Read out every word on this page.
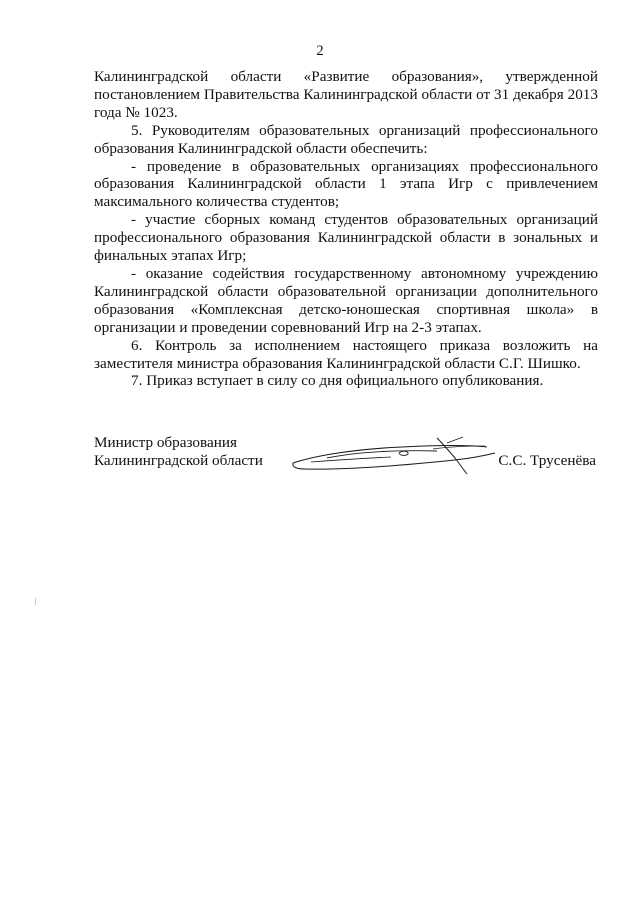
2

Калининградской области «Развитие образования», утвержденной постановлением Правительства Калининградской области от 31 декабря 2013 года № 1023.

5. Руководителям образовательных организаций профессионального образования Калининградской области обеспечить:

- проведение в образовательных организациях профессионального образования Калининградской области 1 этапа Игр с привлечением максимального количества студентов;

- участие сборных команд студентов образовательных организаций профессионального образования Калининградской области в зональных и финальных этапах Игр;

- оказание содействия государственному автономному учреждению Калининградской области образовательной организации дополнительного образования «Комплексная детско-юношеская спортивная школа» в организации и проведении соревнований Игр на 2-3 этапах.

6. Контроль за исполнением настоящего приказа возложить на заместителя министра образования Калининградской области С.Г. Шишко.

7. Приказ вступает в силу со дня официального опубликования.

Министр образования
Калининградской области	С.С. Трусенёва
